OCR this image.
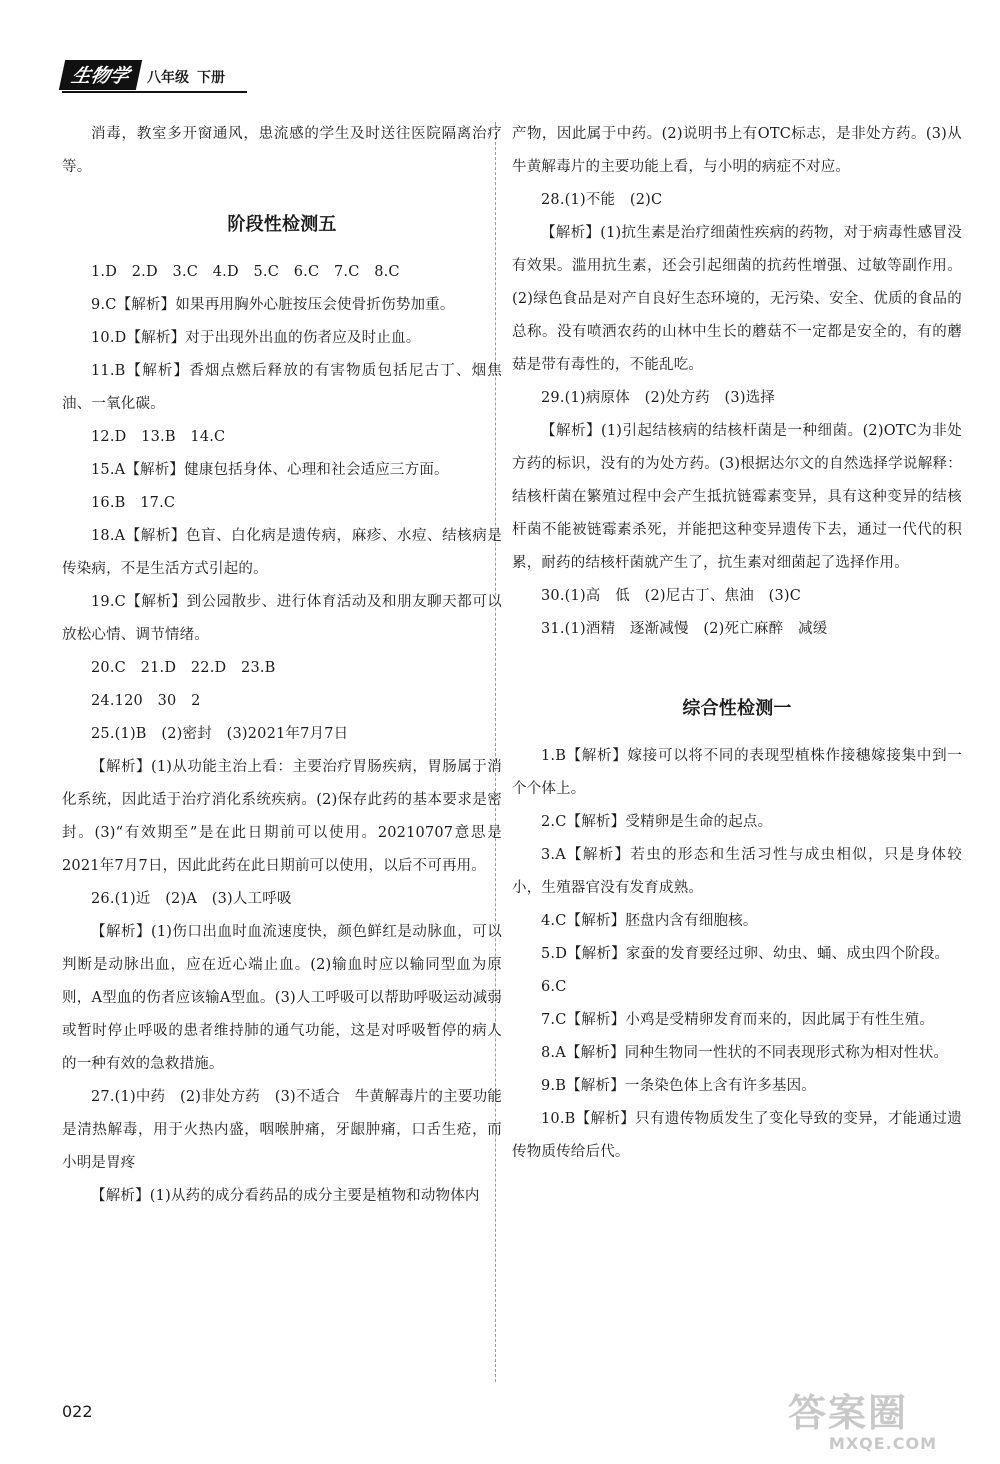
生物学	八年级 下册

消毒，教室多开窗通风，患流感的学生及时送往医院隔离治疗等。

阶段性检测五

1.D　2.D　3.C　4.D　5.C　6.C　7.C　8.C

9.C【解析】如果再用胸外心脏按压会使骨折伤势加重。

10.D【解析】对于出现外出血的伤者应及时止血。

11.B【解析】香烟点燃后释放的有害物质包括尼古丁、烟焦油、一氧化碳。

12.D　13.B　14.C

15.A【解析】健康包括身体、心理和社会适应三方面。

16.B　17.C

18.A【解析】色盲、白化病是遗传病，麻疹、水痘、结核病是传染病，不是生活方式引起的。

19.C【解析】到公园散步、进行体育活动及和朋友聊天都可以放松心情、调节情绪。

20.C　21.D　22.D　23.B

24.120　30　2

25.(1)B　(2)密封　(3)2021年7月7日

【解析】(1)从功能主治上看：主要治疗胃肠疾病，胃肠属于消化系统，因此适于治疗消化系统疾病。(2)保存此药的基本要求是密封。(3)“有效期至”是在此日期前可以使用。20210707意思是2021年7月7日，因此此药在此日期前可以使用，以后不可再用。

26.(1)近　(2)A　(3)人工呼吸

【解析】(1)伤口出血时血流速度快，颜色鲜红是动脉血，可以判断是动脉出血，应在近心端止血。(2)输血时应以输同型血为原则，A型血的伤者应该输A型血。(3)人工呼吸可以帮助呼吸运动减弱或暂时停止呼吸的患者维持肺的通气功能，这是对呼吸暂停的病人的一种有效的急救措施。

27.(1)中药　(2)非处方药　(3)不适合　牛黄解毒片的主要功能是清热解毒，用于火热内盛，咽喉肿痛，牙龈肿痛，口舌生疮，而小明是胃疼

【解析】(1)从药的成分看药品的成分主要是植物和动物体内

产物，因此属于中药。(2)说明书上有OTC标志，是非处方药。(3)从牛黄解毒片的主要功能上看，与小明的病症不对应。

28.(1)不能　(2)C

【解析】(1)抗生素是治疗细菌性疾病的药物，对于病毒性感冒没有效果。滥用抗生素，还会引起细菌的抗药性增强、过敏等副作用。(2)绿色食品是对产自良好生态环境的，无污染、安全、优质的食品的总称。没有喷洒农药的山林中生长的蘑菇不一定都是安全的，有的蘑菇是带有毒性的，不能乱吃。

29.(1)病原体　(2)处方药　(3)选择

【解析】(1)引起结核病的结核杆菌是一种细菌。(2)OTC为非处方药的标识，没有的为处方药。(3)根据达尔文的自然选择学说解释：结核杆菌在繁殖过程中会产生抵抗链霉素变异，具有这种变异的结核杆菌不能被链霉素杀死，并能把这种变异遗传下去，通过一代代的积累，耐药的结核杆菌就产生了，抗生素对细菌起了选择作用。

30.(1)高　低　(2)尼古丁、焦油　(3)C

31.(1)酒精　逐渐减慢　(2)死亡麻醉　减缓

综合性检测一

1.B【解析】嫁接可以将不同的表现型植株作接穗嫁接集中到一个个体上。

2.C【解析】受精卵是生命的起点。

3.A【解析】若虫的形态和生活习性与成虫相似，只是身体较小，生殖器官没有发育成熟。

4.C【解析】胚盘内含有细胞核。

5.D【解析】家蚕的发育要经过卵、幼虫、蛹、成虫四个阶段。

6.C

7.C【解析】小鸡是受精卵发育而来的，因此属于有性生殖。

8.A【解析】同种生物同一性状的不同表现形式称为相对性状。

9.B【解析】一条染色体上含有许多基因。

10.B【解析】只有遗传物质发生了变化导致的变异，才能通过遗传物质传给后代。

022	答案圈
MXQE.COM
